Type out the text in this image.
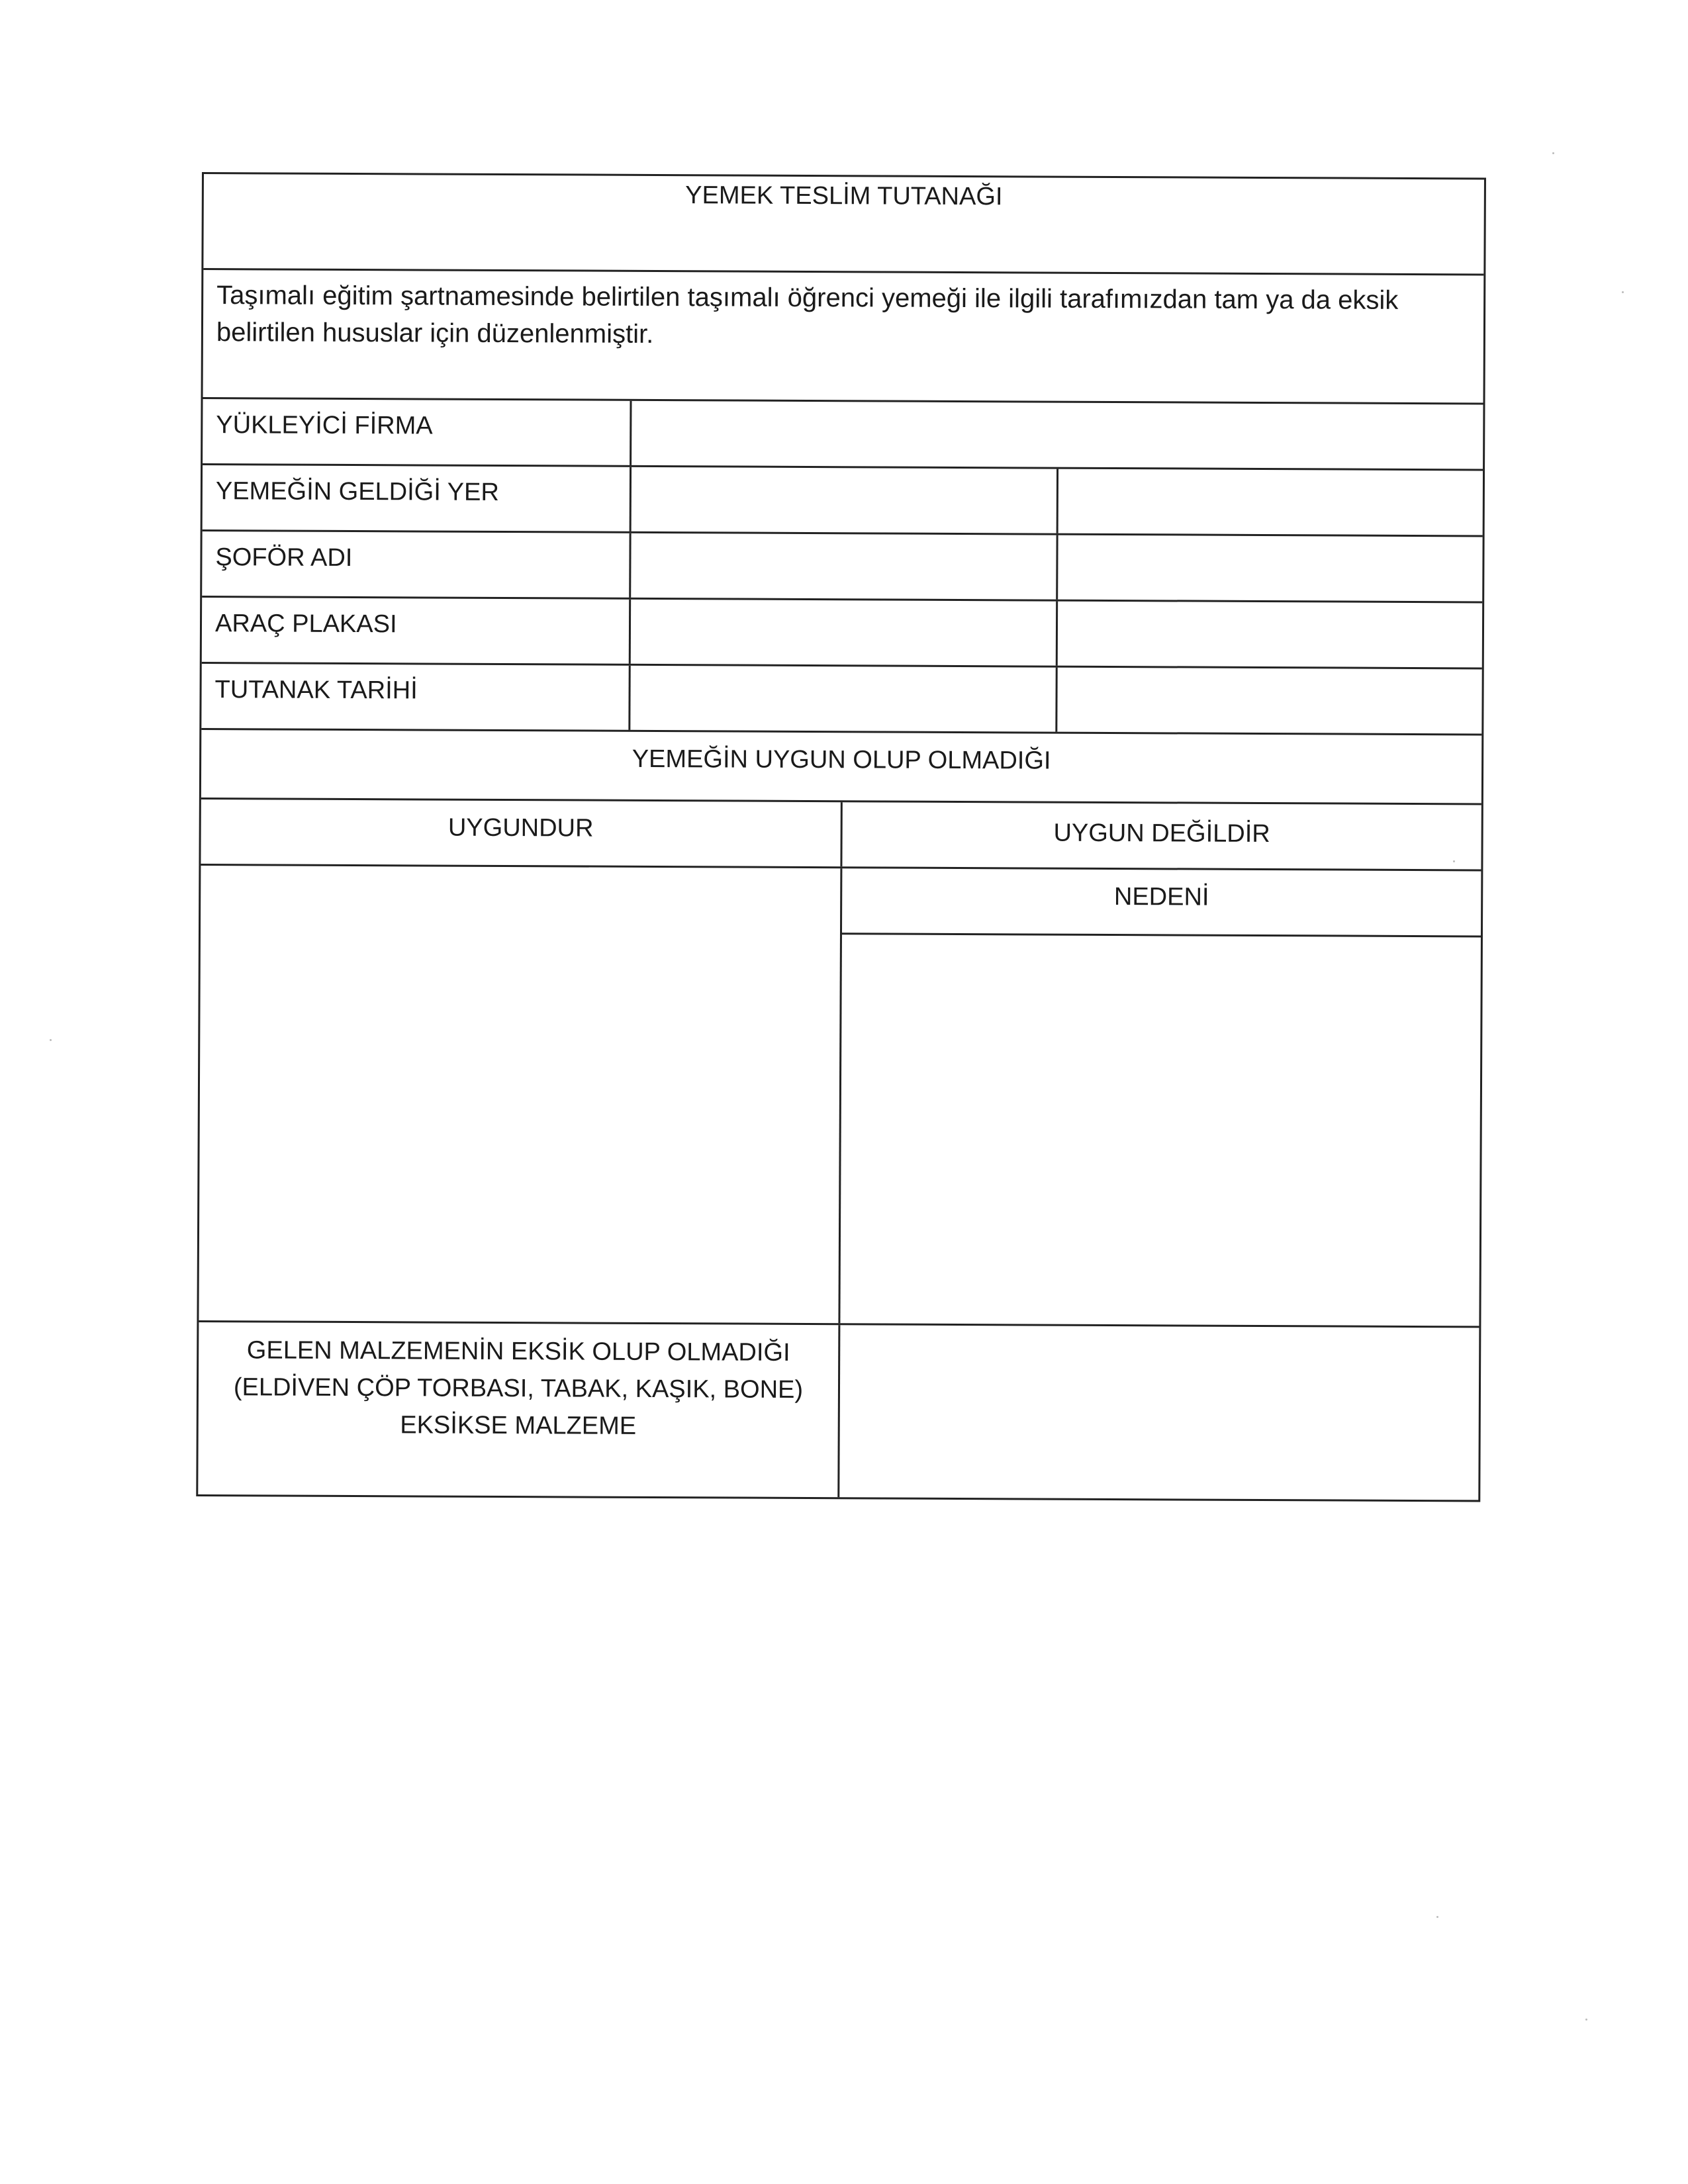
YEMEK TESLİM TUTANAĞI
Taşımalı eğitim şartnamesinde belirtilen taşımalı öğrenci yemeği ile ilgili tarafımızdan tam ya da eksik belirtilen hususlar için düzenlenmiştir.
YÜKLEYİCİ FİRMA
YEMEĞİN GELDİĞİ YER
ŞOFÖR ADI
ARAÇ PLAKASI
TUTANAK TARİHİ
YEMEĞİN UYGUN OLUP OLMADIĞI
UYGUNDUR	UYGUN DEĞİLDİR
NEDENİ
GELEN MALZEMENİN EKSİK OLUP OLMADIĞI
(ELDİVEN ÇÖP TORBASI, TABAK, KAŞIK, BONE)
EKSİKSE MALZEME
